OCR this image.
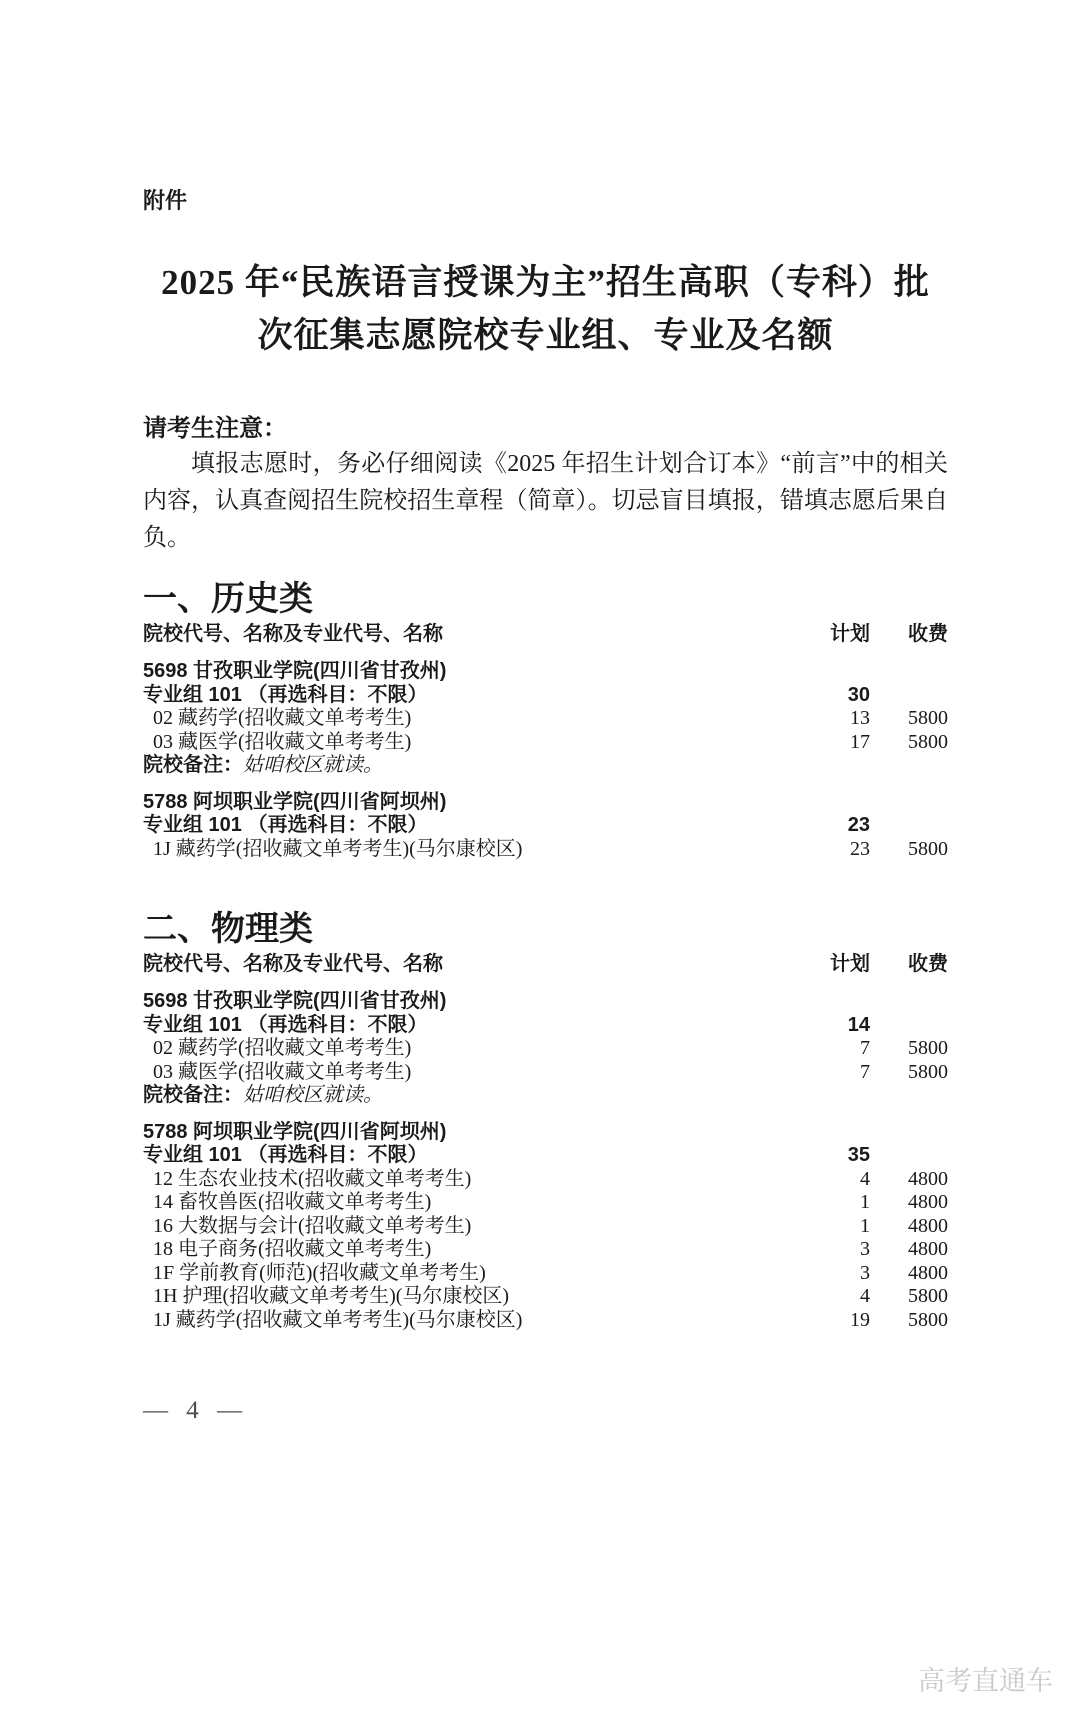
附件
2025 年“民族语言授课为主”招生高职（专科）批
次征集志愿院校专业组、专业及名额
请考生注意：
填报志愿时，务必仔细阅读《2025 年招生计划合订本》“前言”中的相关内容，认真查阅招生院校招生章程（简章）。切忌盲目填报，错填志愿后果自负。
一、历史类
院校代号、名称及专业代号、名称	计划	收费
5698 甘孜职业学院(四川省甘孜州)
专业组 101 （再选科目：不限）	30
02 藏药学(招收藏文单考考生)	13	5800
03 藏医学(招收藏文单考考生)	17	5800
院校备注：姑咱校区就读。
5788 阿坝职业学院(四川省阿坝州)
专业组 101 （再选科目：不限）	23
1J 藏药学(招收藏文单考考生)(马尔康校区)	23	5800
二、物理类
院校代号、名称及专业代号、名称	计划	收费
5698 甘孜职业学院(四川省甘孜州)
专业组 101 （再选科目：不限）	14
02 藏药学(招收藏文单考考生)	7	5800
03 藏医学(招收藏文单考考生)	7	5800
院校备注：姑咱校区就读。
5788 阿坝职业学院(四川省阿坝州)
专业组 101 （再选科目：不限）	35
12 生态农业技术(招收藏文单考考生)	4	4800
14 畜牧兽医(招收藏文单考考生)	1	4800
16 大数据与会计(招收藏文单考考生)	1	4800
18 电子商务(招收藏文单考考生)	3	4800
1F 学前教育(师范)(招收藏文单考考生)	3	4800
1H 护理(招收藏文单考考生)(马尔康校区)	4	5800
1J 藏药学(招收藏文单考考生)(马尔康校区)	19	5800
— 4 —
高考直通车
